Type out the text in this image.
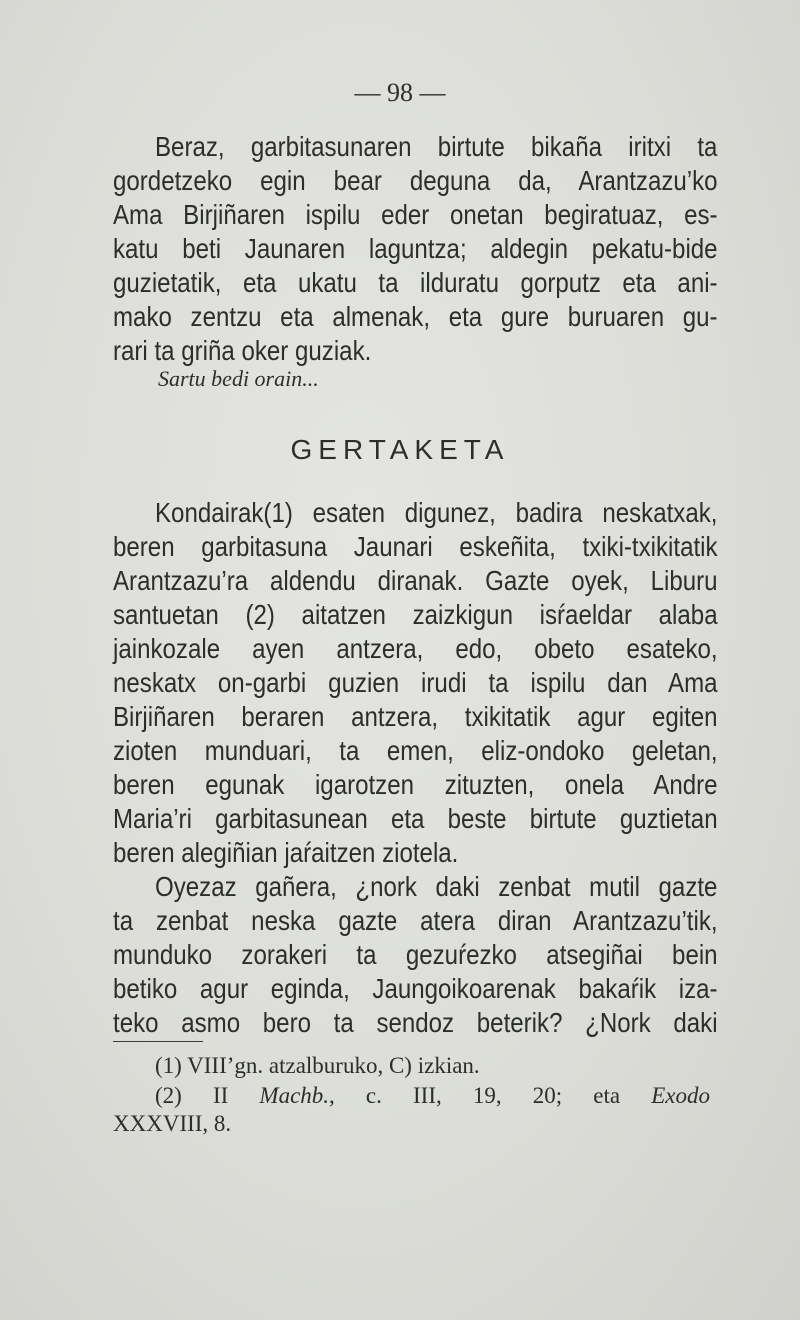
— 98 —
Beraz, garbitasunaren birtute bikaña iritxi ta
gordetzeko egin bear deguna da, Arantzazu’ko
Ama Birjiñaren ispilu eder onetan begiratuaz, es-
katu beti Jaunaren laguntza; aldegin pekatu-bide
guzietatik, eta ukatu ta ilduratu gorputz eta ani-
mako zentzu eta almenak, eta gure buruaren gu-
rari ta griña oker guziak.
Sartu bedi orain...
GERTAKETA
Kondairak(1) esaten digunez, badira neskatxak,
beren garbitasuna Jaunari eskeñita, txiki-txikitatik
Arantzazu’ra aldendu diranak. Gazte oyek, Liburu
santuetan (2) aitatzen zaizkigun isŕaeldar alaba
jainkozale ayen antzera, edo, obeto esateko,
neskatx on-garbi guzien irudi ta ispilu dan Ama
Birjiñaren beraren antzera, txikitatik agur egiten
zioten munduari, ta emen, eliz-ondoko geletan,
beren egunak igarotzen zituzten, onela Andre
Maria’ri garbitasunean eta beste birtute guztietan
beren alegiñian jaŕaitzen ziotela.
Oyezaz gañera, ¿nork daki zenbat mutil gazte
ta zenbat neska gazte atera diran Arantzazu’tik,
munduko zorakeri ta gezuŕezko atsegiñai bein
betiko agur eginda, Jaungoikoarenak bakaŕik iza-
teko asmo bero ta sendoz beterik? ¿Nork daki
(1) VIII’gn. atzalburuko, C) izkian.
(2) II Machb., c. III, 19, 20; eta Exodo
XXXVIII, 8.
